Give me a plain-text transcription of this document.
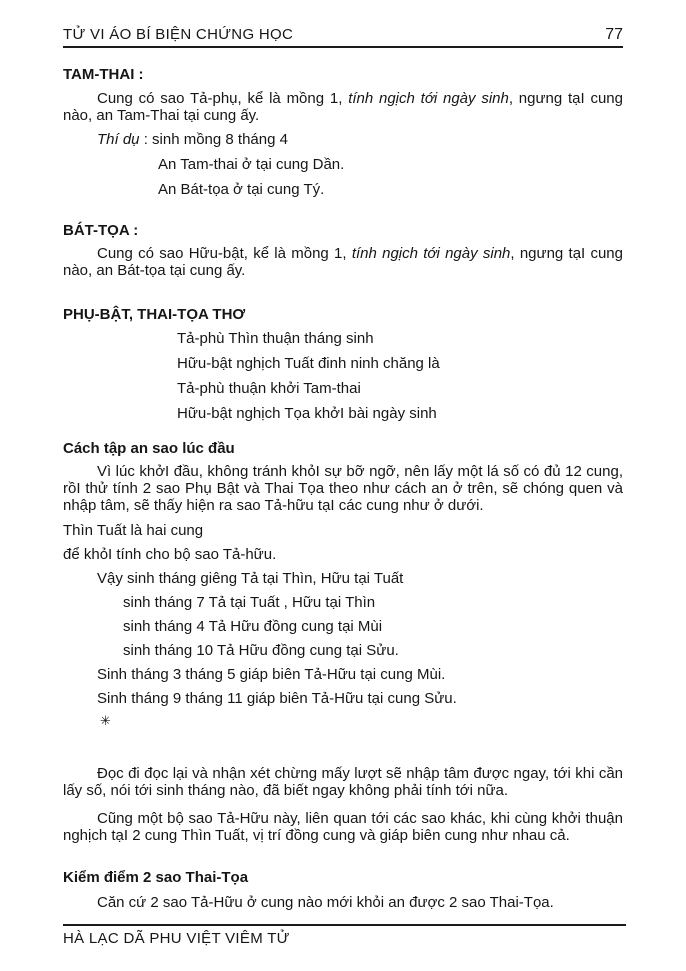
TỬ VI ÁO BÍ BIỆN CHỨNG HỌC	77

TAM-THAI :

Cung có sao Tả-phụ, kể là mồng 1, tính ngịch tới ngày sinh, ngưng tạI cung nào, an Tam-Thai tại cung ấy.

Thí dụ : sinh mồng 8 tháng 4

An Tam-thai ở tại cung Dần.

An Bát-tọa ở tại cung Tý.

BÁT-TỌA :

Cung có sao Hữu-bật, kể là mồng 1, tính ngịch tới ngày sinh, ngưng tạI cung nào, an Bát-tọa tại cung ấy.

PHỤ-BẬT, THAI-TỌA THƠ

Tả-phù Thìn thuận tháng sinh

Hữu-bật nghịch Tuất đinh ninh chăng là

Tả-phù thuận khởi Tam-thai

Hữu-bật nghịch Tọa khởI bài ngày sinh

Cách tập an sao lúc đầu

Vì lúc khởI đầu, không tránh khỏI sự bỡ ngỡ, nên lấy một lá số có đủ 12 cung, rồI thử tính 2 sao Phụ Bật và Thai Tọa theo như cách an ở trên, sẽ chóng quen và nhập tâm, sẽ thấy hiện ra sao Tả-hữu tạI các cung như ở dưới.

Thìn Tuất là hai cung

để khỏI tính cho bộ sao Tả-hữu.

Vậy sinh tháng giêng Tả tại Thìn, Hữu tại Tuất

sinh tháng 7 Tả tại Tuất , Hữu tại Thìn

sinh tháng 4 Tả Hữu đồng cung tại Mùi

sinh tháng 10 Tả Hữu đồng cung tại Sửu.

Sinh tháng 3 tháng 5 giáp biên Tả-Hữu tại cung Mùi.

Sinh tháng 9 tháng 11 giáp biên Tả-Hữu tại cung Sửu.

✳

Đọc đi đọc lại và nhận xét chừng mấy lượt sẽ nhập tâm được ngay, tới khi cần lấy số, nói tới sinh tháng nào, đã biết ngay không phải tính tới nữa.

Cũng một bộ sao Tả-Hữu này, liên quan tới các sao khác, khi cùng khởi thuận nghịch tạI 2 cung Thìn Tuất, vị trí đồng cung và giáp biên cung như nhau cả.

Kiểm điểm 2 sao Thai-Tọa

Căn cứ 2 sao Tả-Hữu ở cung nào mới khỏi an được 2 sao Thai-Tọa.

HÀ LẠC DÃ PHU VIỆT VIÊM TỬ
